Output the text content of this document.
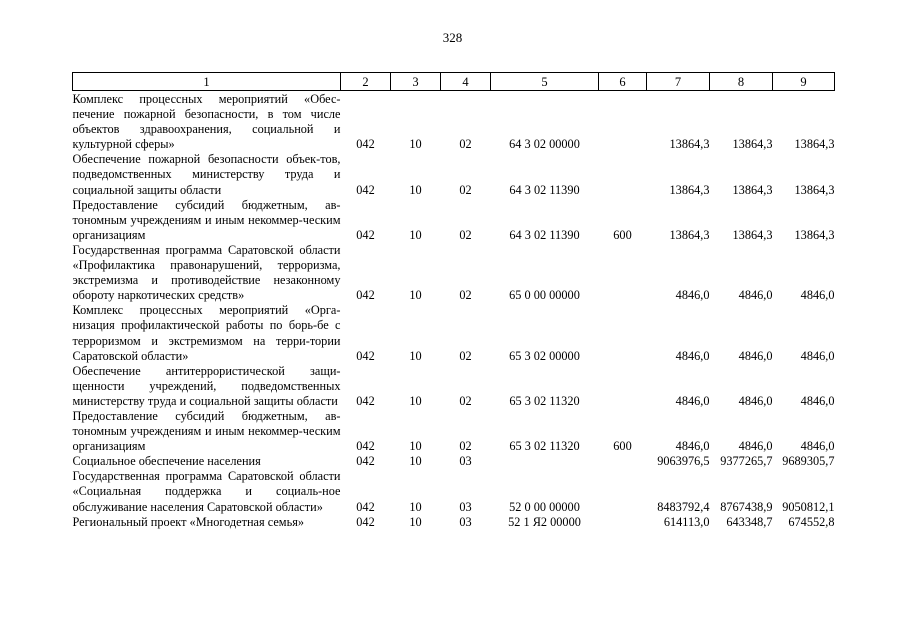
328
1	2	3	4	5	6	7	8	9

Комплекс процессных мероприятий «Обес-печение пожарной безопасности, в том числе объектов здравоохранения, социальной и культурной сферы»	042	10	02	64 3 02 00000		13864,3	13864,3	13864,3
Обеспечение пожарной безопасности объек-тов, подведомственных министерству труда и социальной защиты области	042	10	02	64 3 02 11390		13864,3	13864,3	13864,3
Предоставление субсидий бюджетным, ав-тономным учреждениям и иным некоммер-ческим организациям	042	10	02	64 3 02 11390	600	13864,3	13864,3	13864,3
Государственная программа Саратовской области «Профилактика правонарушений, терроризма, экстремизма и противодействие незаконному обороту наркотических средств»	042	10	02	65 0 00 00000		4846,0	4846,0	4846,0
Комплекс процессных мероприятий «Орга-низация профилактической работы по борь-бе с терроризмом и экстремизмом на терри-тории Саратовской области»	042	10	02	65 3 02 00000		4846,0	4846,0	4846,0
Обеспечение антитеррористической защи-щенности учреждений, подведомственных министерству труда и социальной защиты области	042	10	02	65 3 02 11320		4846,0	4846,0	4846,0
Предоставление субсидий бюджетным, ав-тономным учреждениям и иным некоммер-ческим организациям	042	10	02	65 3 02 11320	600	4846,0	4846,0	4846,0
Социальное обеспечение населения	042	10	03			9063976,5	9377265,7	9689305,7
Государственная программа Саратовской области «Социальная поддержка и социаль-ное обслуживание населения Саратовской области»	042	10	03	52 0 00 00000		8483792,4	8767438,9	9050812,1
Региональный проект «Многодетная семья»	042	10	03	52 1 Я2 00000		614113,0	643348,7	674552,8
